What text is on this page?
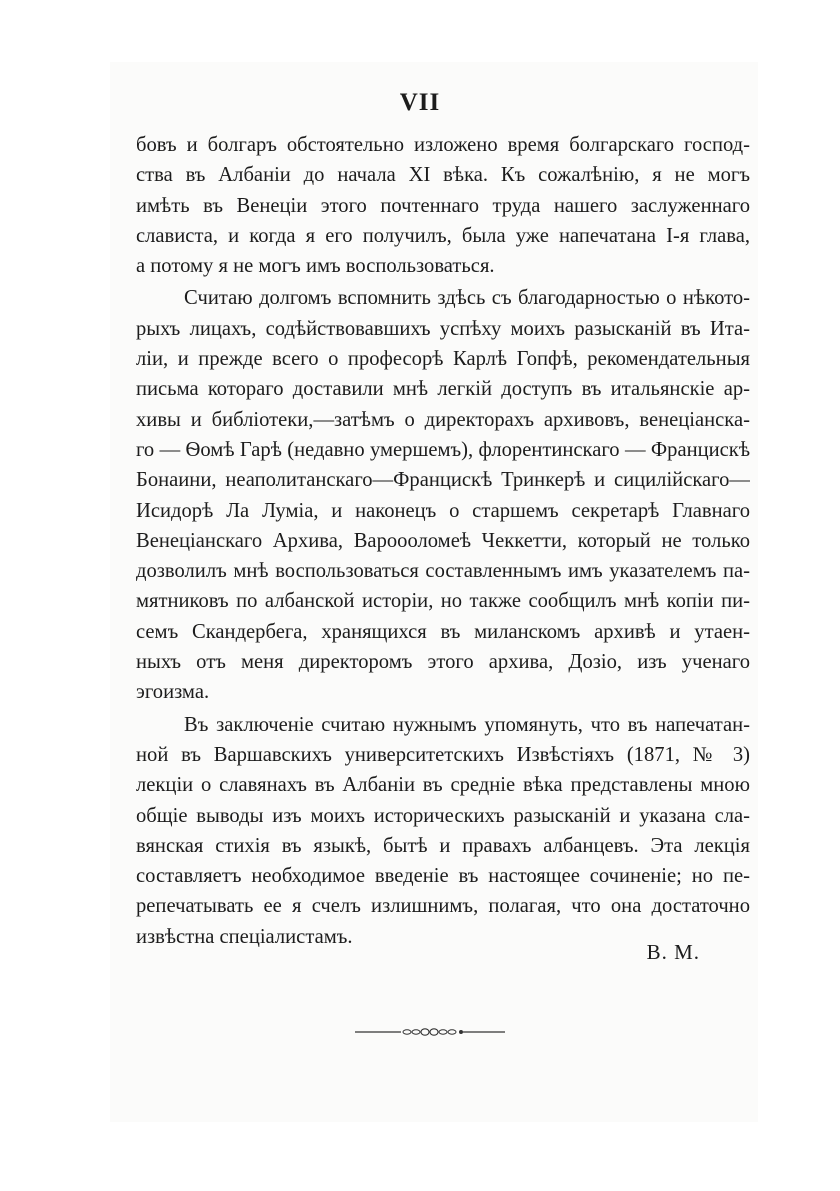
VII
бовъ и болгаръ обстоятельно изложено время болгарскаго господ-
ства въ Албаніи до начала XI вѣка. Къ сожалѣнію, я не могъ
имѣть въ Венеціи этого почтеннаго труда нашего заслуженнаго
слависта, и когда я его получилъ, была уже напечатана I-я глава,
а потому я не могъ имъ воспользоваться.
Считаю долгомъ вспомнить здѣсь съ благодарностью о нѣкото-
рыхъ лицахъ, содѣйствовавшихъ успѣху моихъ разысканій въ Ита-
ліи, и прежде всего о професорѣ Карлѣ Гопфѣ, рекомендательныя
письма котораго доставили мнѣ легкій доступъ въ итальянскіе ар-
хивы и библіотеки,—затѣмъ о директорахъ архивовъ, венеціанска-
го — Ѳомѣ Гарѣ (недавно умершемъ), флорентинскаго — Францискѣ
Бонаини, неаполитанскаго—Францискѣ Тринкерѣ и сицилійскаго—
Исидорѣ Ла Луміа, и наконецъ о старшемъ секретарѣ Главнаго
Венеціанскаго Архива, Вароооломеѣ Чеккетти, который не только
дозволилъ мнѣ воспользоваться составленнымъ имъ указателемъ па-
мятниковъ по албанской исторіи, но также сообщилъ мнѣ копіи пи-
семъ Скандербега, хранящихся въ миланскомъ архивѣ и утаен-
ныхъ отъ меня директоромъ этого архива, Дозіо, изъ ученаго
эгоизма.
Въ заключеніе считаю нужнымъ упомянуть, что въ напечатан-
ной въ Варшавскихъ университетскихъ Извѣстіяхъ (1871, № 3)
лекціи о славянахъ въ Албаніи въ средніе вѣка представлены мною
общіе выводы изъ моихъ историческихъ разысканій и указана сла-
вянская стихія въ языкѣ, бытѣ и правахъ албанцевъ. Эта лекція
составляетъ необходимое введеніе въ настоящее сочиненіе; но пе-
репечатывать ее я счелъ излишнимъ, полагая, что она достаточно
извѣстна спеціалистамъ.
В. М.
